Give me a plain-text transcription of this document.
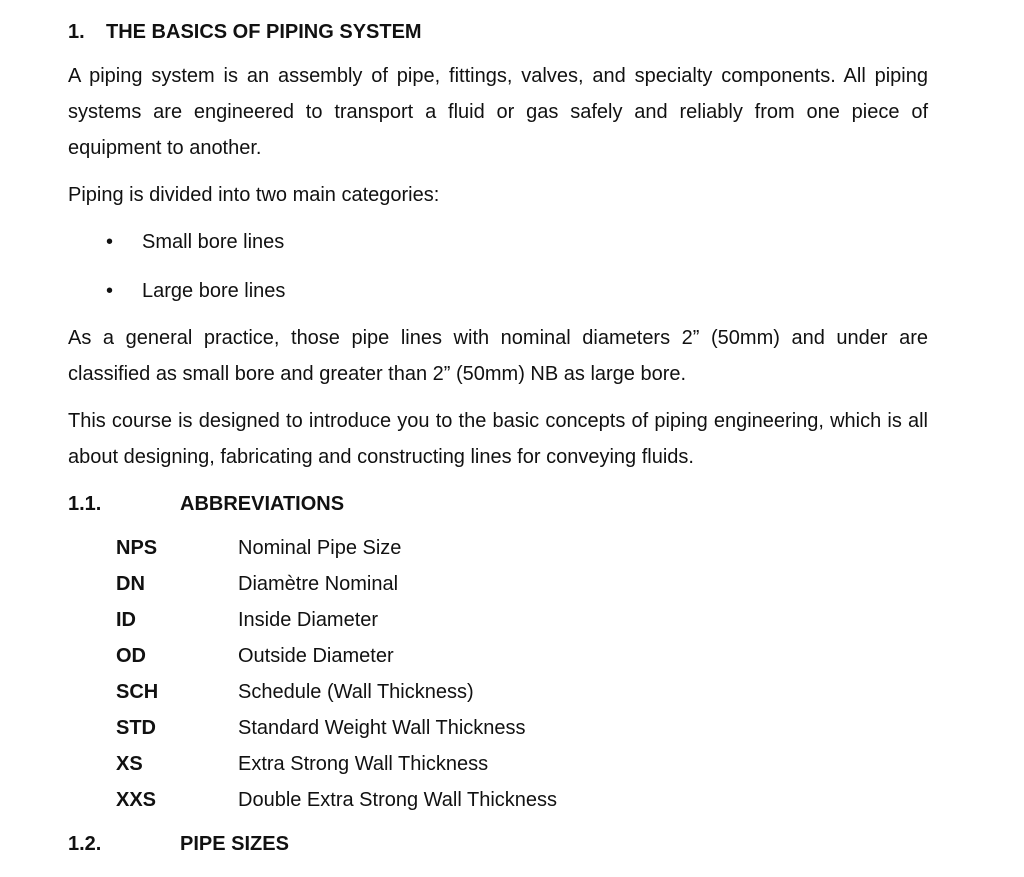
1.	THE BASICS OF PIPING SYSTEM

A piping system is an assembly of pipe, fittings, valves, and specialty components. All piping systems are engineered to transport a fluid or gas safely and reliably from one piece of equipment to another.

Piping is divided into two main categories:

• Small bore lines
• Large bore lines

As a general practice, those pipe lines with nominal diameters 2” (50mm) and under are classified as small bore and greater than 2” (50mm) NB as large bore.

This course is designed to introduce you to the basic concepts of piping engineering, which is all about designing, fabricating and constructing lines for conveying fluids.

1.1.	ABBREVIATIONS
NPS	Nominal Pipe Size
DN	Diamètre Nominal
ID	Inside Diameter
OD	Outside Diameter
SCH	Schedule (Wall Thickness)
STD	Standard Weight Wall Thickness
XS	Extra Strong Wall Thickness
XXS	Double Extra Strong Wall Thickness
1.2.	PIPE SIZES
